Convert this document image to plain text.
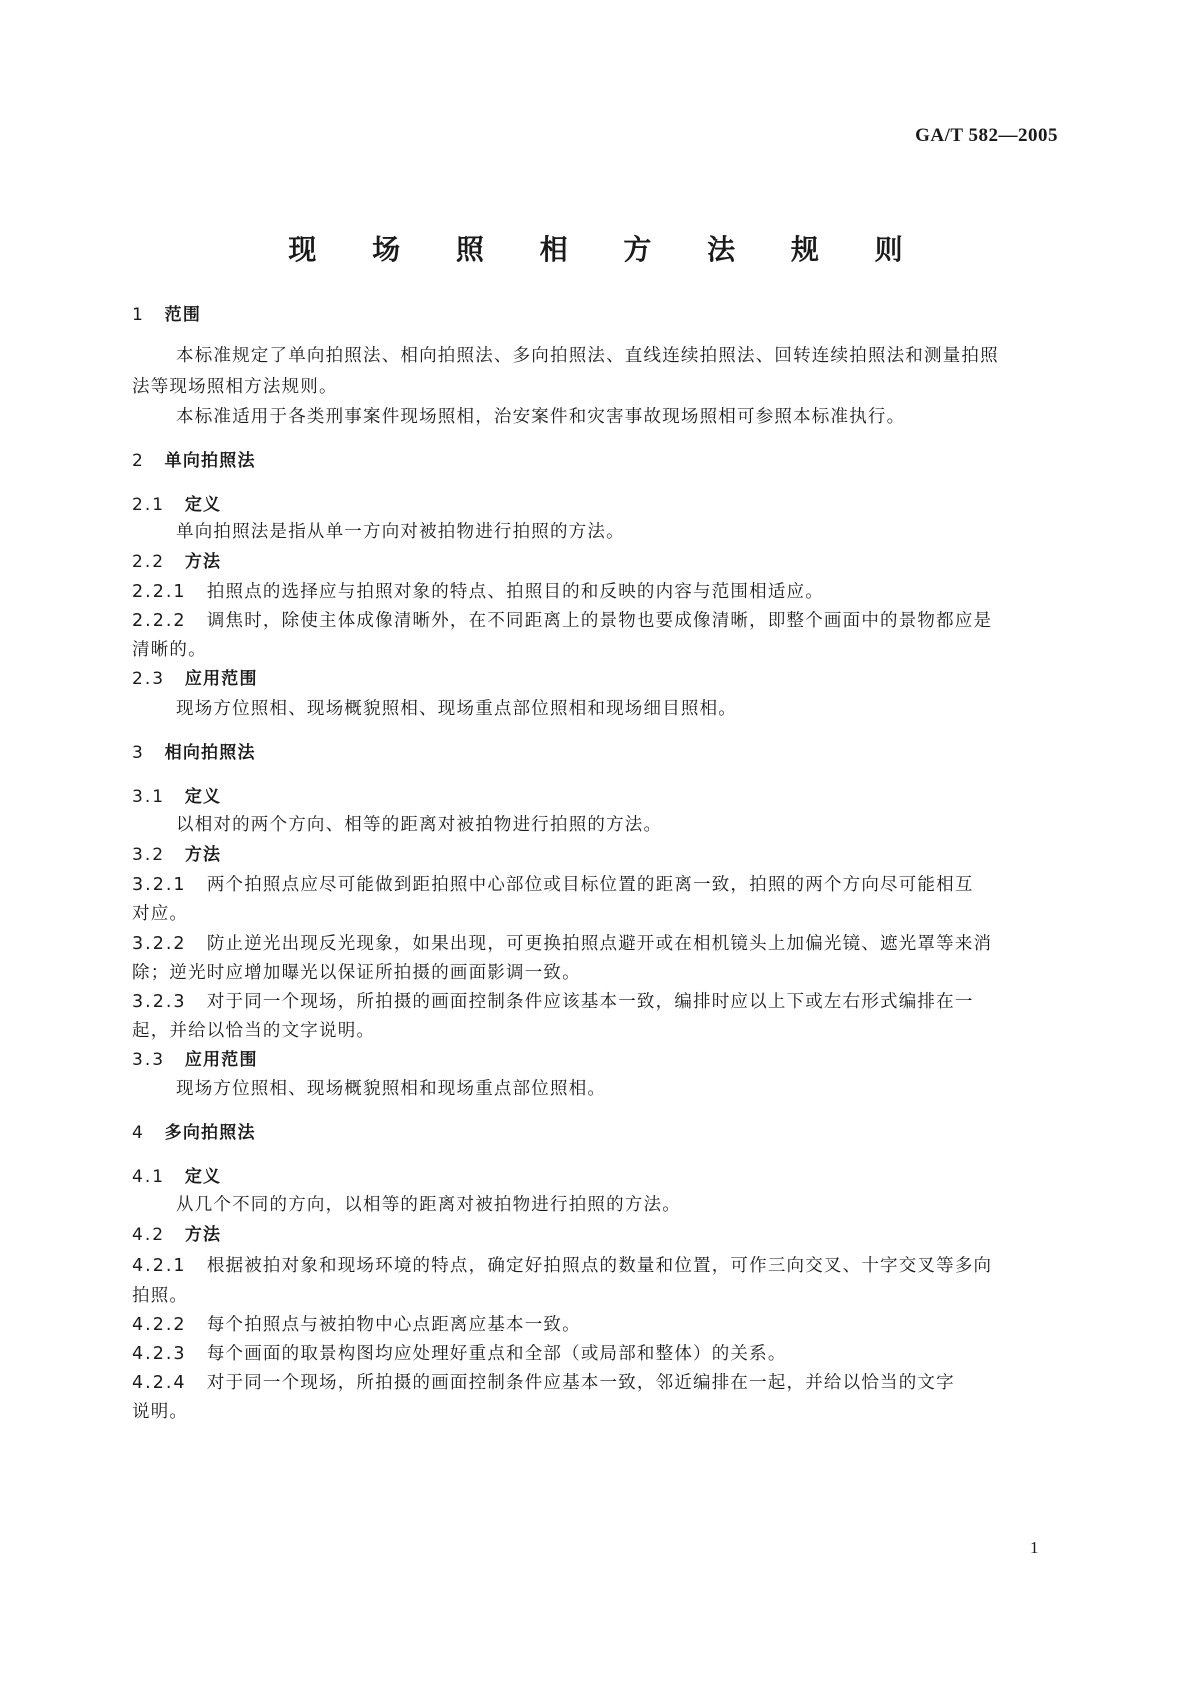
GA/T 582—2005
现 场 照 相 方 法 规 则
1 范围
本标准规定了单向拍照法、相向拍照法、多向拍照法、直线连续拍照法、回转连续拍照法和测量拍照
法等现场照相方法规则。
本标准适用于各类刑事案件现场照相，治安案件和灾害事故现场照相可参照本标准执行。
2 单向拍照法
2.1 定义
单向拍照法是指从单一方向对被拍物进行拍照的方法。
2.2 方法
2.2.1 拍照点的选择应与拍照对象的特点、拍照目的和反映的内容与范围相适应。
2.2.2 调焦时，除使主体成像清晰外，在不同距离上的景物也要成像清晰，即整个画面中的景物都应是
清晰的。
2.3 应用范围
现场方位照相、现场概貌照相、现场重点部位照相和现场细目照相。
3 相向拍照法
3.1 定义
以相对的两个方向、相等的距离对被拍物进行拍照的方法。
3.2 方法
3.2.1 两个拍照点应尽可能做到距拍照中心部位或目标位置的距离一致，拍照的两个方向尽可能相互
对应。
3.2.2 防止逆光出现反光现象，如果出现，可更换拍照点避开或在相机镜头上加偏光镜、遮光罩等来消
除；逆光时应增加曝光以保证所拍摄的画面影调一致。
3.2.3 对于同一个现场，所拍摄的画面控制条件应该基本一致，编排时应以上下或左右形式编排在一
起，并给以恰当的文字说明。
3.3 应用范围
现场方位照相、现场概貌照相和现场重点部位照相。
4 多向拍照法
4.1 定义
从几个不同的方向，以相等的距离对被拍物进行拍照的方法。
4.2 方法
4.2.1 根据被拍对象和现场环境的特点，确定好拍照点的数量和位置，可作三向交叉、十字交叉等多向
拍照。
4.2.2 每个拍照点与被拍物中心点距离应基本一致。
4.2.3 每个画面的取景构图均应处理好重点和全部（或局部和整体）的关系。
4.2.4 对于同一个现场，所拍摄的画面控制条件应基本一致，邻近编排在一起，并给以恰当的文字
说明。
1
